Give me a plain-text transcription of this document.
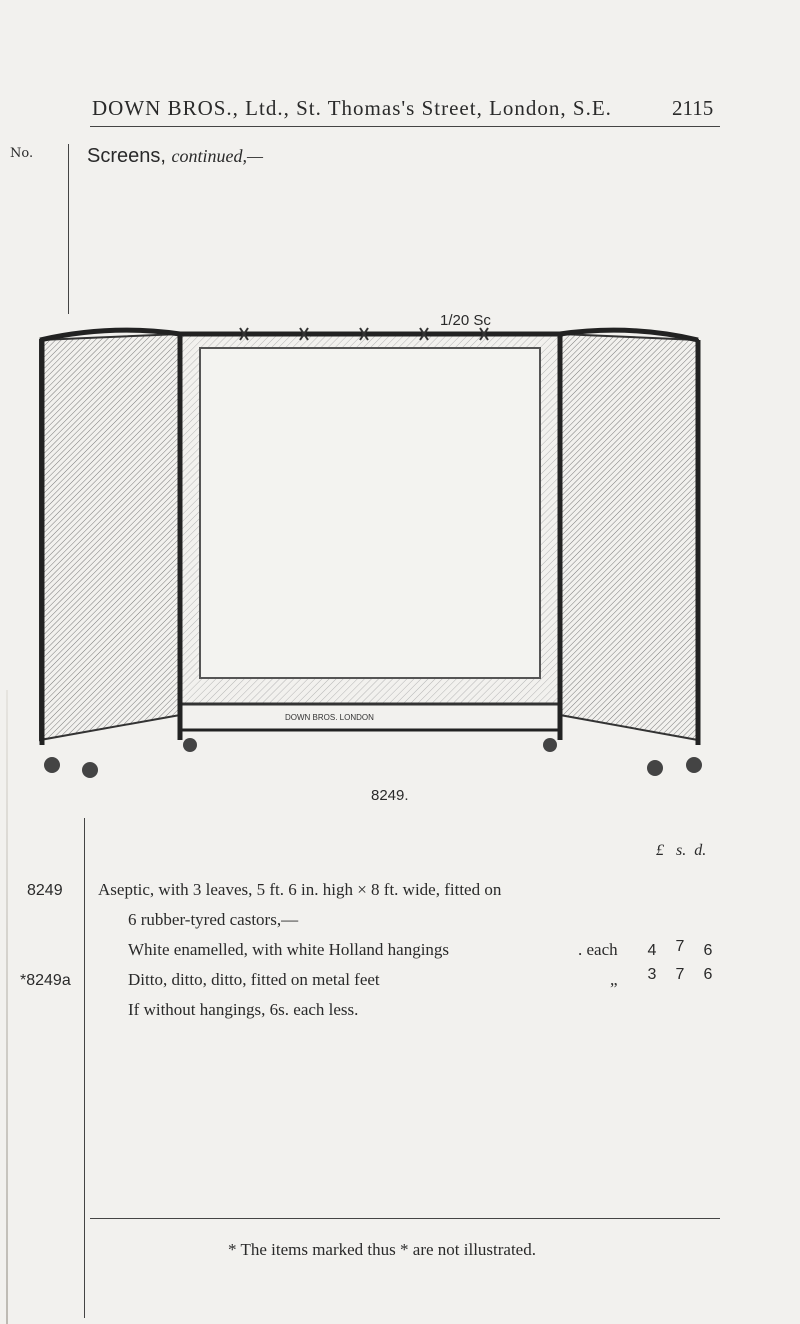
DOWN BROS., Ltd., St. Thomas's Street, London, S.E.	2115
No.	Screens, continued,—
1/20 Sc
DOWN BROS. LONDON
8249.
£ s. d.
8249 Aseptic, with 3 leaves, 5 ft. 6 in. high × 8 ft. wide, fitted on
6 rubber-tyred castors,—
White enamelled, with white Holland hangings	. each	4	7	6
*8249a	Ditto, ditto, ditto, fitted on metal feet	„	3	7	6
If without hangings, 6s. each less.
* The items marked thus * are not illustrated.
